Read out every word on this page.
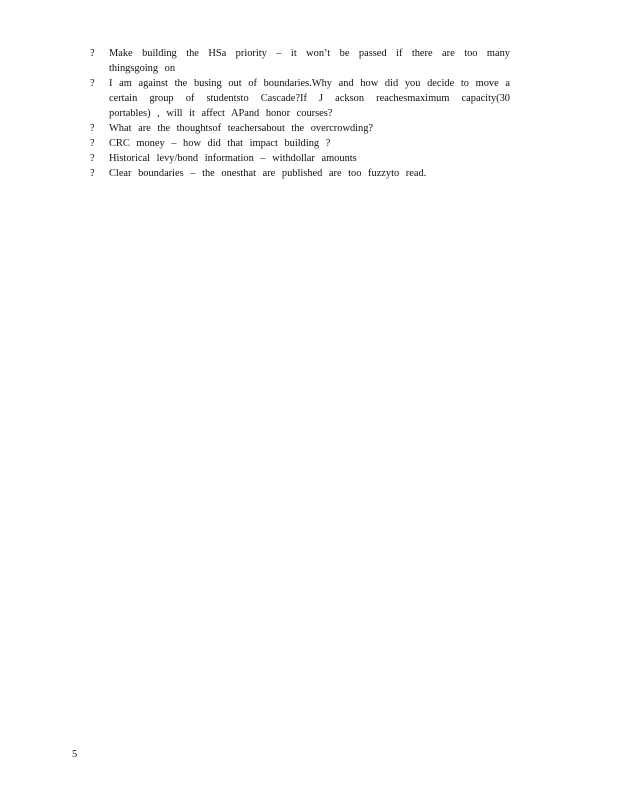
?	Make building the HSa priority – it won’t be passed if there are too many thingsgoing on
?	I am against the busing out of boundaries.Why and how did you decide to move a certain group of studentsto Cascade?If J ackson reachesmaximum capacity(30 portables) , will it affect APand honor courses?
?	What are the thoughtsof teachersabout the overcrowding?
?	CRC money – how did that impact building ?
?	Historical levy/bond information – withdollar amounts
?	Clear boundaries – the onesthat are published are too fuzzyto read.
5
